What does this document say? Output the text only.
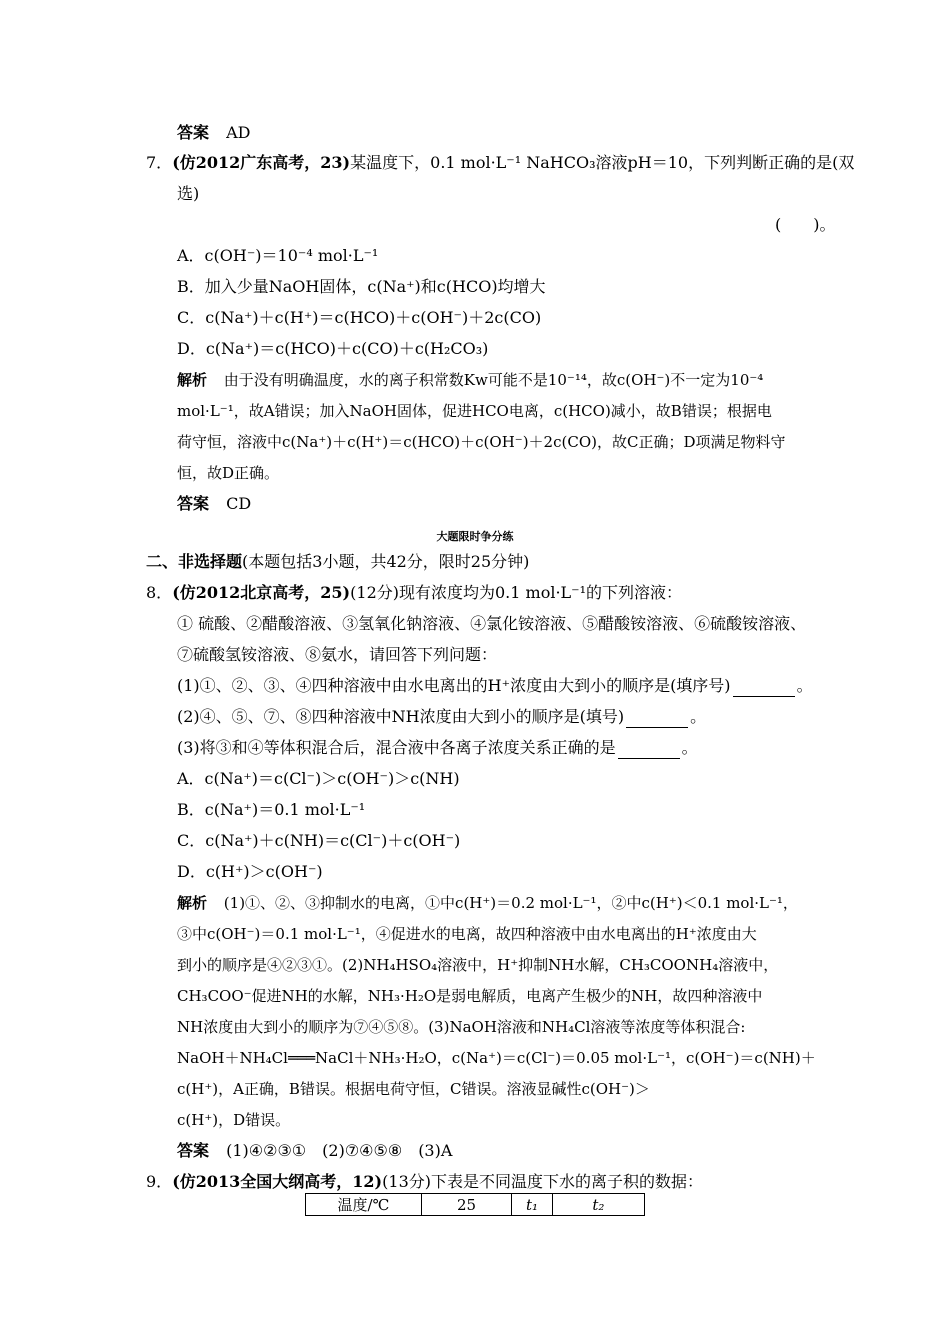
答案 AD
7．(仿2012广东高考，23)某温度下，0.1 mol·L⁻¹ NaHCO₃溶液pH＝10，下列判断正确的是(双
选)
(　　)。
A．c(OH⁻)＝10⁻⁴ mol·L⁻¹
B．加入少量NaOH固体，c(Na⁺)和c(HCO)均增大
C．c(Na⁺)＋c(H⁺)＝c(HCO)＋c(OH⁻)＋2c(CO)
D．c(Na⁺)＝c(HCO)＋c(CO)＋c(H₂CO₃)
解析 由于没有明确温度，水的离子积常数Kw可能不是10⁻¹⁴，故c(OH⁻)不一定为10⁻⁴
mol·L⁻¹，故A错误；加入NaOH固体，促进HCO电离，c(HCO)减小，故B错误；根据电
荷守恒，溶液中c(Na⁺)＋c(H⁺)＝c(HCO)＋c(OH⁻)＋2c(CO)，故C正确；D项满足物料守
恒，故D正确。
答案 CD
大题限时争分练
二、非选择题(本题包括3小题，共42分，限时25分钟)
8．(仿2012北京高考，25)(12分)现有浓度均为0.1 mol·L⁻¹的下列溶液：
① 硫酸、②醋酸溶液、③氢氧化钠溶液、④氯化铵溶液、⑤醋酸铵溶液、⑥硫酸铵溶液、
⑦硫酸氢铵溶液、⑧氨水，请回答下列问题：
(1)①、②、③、④四种溶液中由水电离出的H⁺浓度由大到小的顺序是(填序号)	。
(2)④、⑤、⑦、⑧四种溶液中NH浓度由大到小的顺序是(填号)	。
(3)将③和④等体积混合后，混合液中各离子浓度关系正确的是	。
A．c(Na⁺)＝c(Cl⁻)＞c(OH⁻)＞c(NH)
B．c(Na⁺)＝0.1 mol·L⁻¹
C．c(Na⁺)＋c(NH)＝c(Cl⁻)＋c(OH⁻)
D．c(H⁺)＞c(OH⁻)
解析 (1)①、②、③抑制水的电离，①中c(H⁺)＝0.2 mol·L⁻¹，②中c(H⁺)＜0.1 mol·L⁻¹，
③中c(OH⁻)＝0.1 mol·L⁻¹，④促进水的电离，故四种溶液中由水电离出的H⁺浓度由大
到小的顺序是④②③①。(2)NH₄HSO₄溶液中，H⁺抑制NH水解，CH₃COONH₄溶液中，
CH₃COO⁻促进NH的水解，NH₃·H₂O是弱电解质，电离产生极少的NH，故四种溶液中
NH浓度由大到小的顺序为⑦④⑤⑧。(3)NaOH溶液和NH₄Cl溶液等浓度等体积混合:
NaOH＋NH₄Cl═══NaCl＋NH₃·H₂O，c(Na⁺)＝c(Cl⁻)＝0.05 mol·L⁻¹，c(OH⁻)＝c(NH)＋
c(H⁺)，A正确，B错误。根据电荷守恒，C错误。溶液显碱性c(OH⁻)＞
c(H⁺)，D错误。
答案 (1)④②③①　(2)⑦④⑤⑧　(3)A
9．(仿2013全国大纲高考，12)(13分)下表是不同温度下水的离子积的数据：
温度/℃	25	t₁	t₂
